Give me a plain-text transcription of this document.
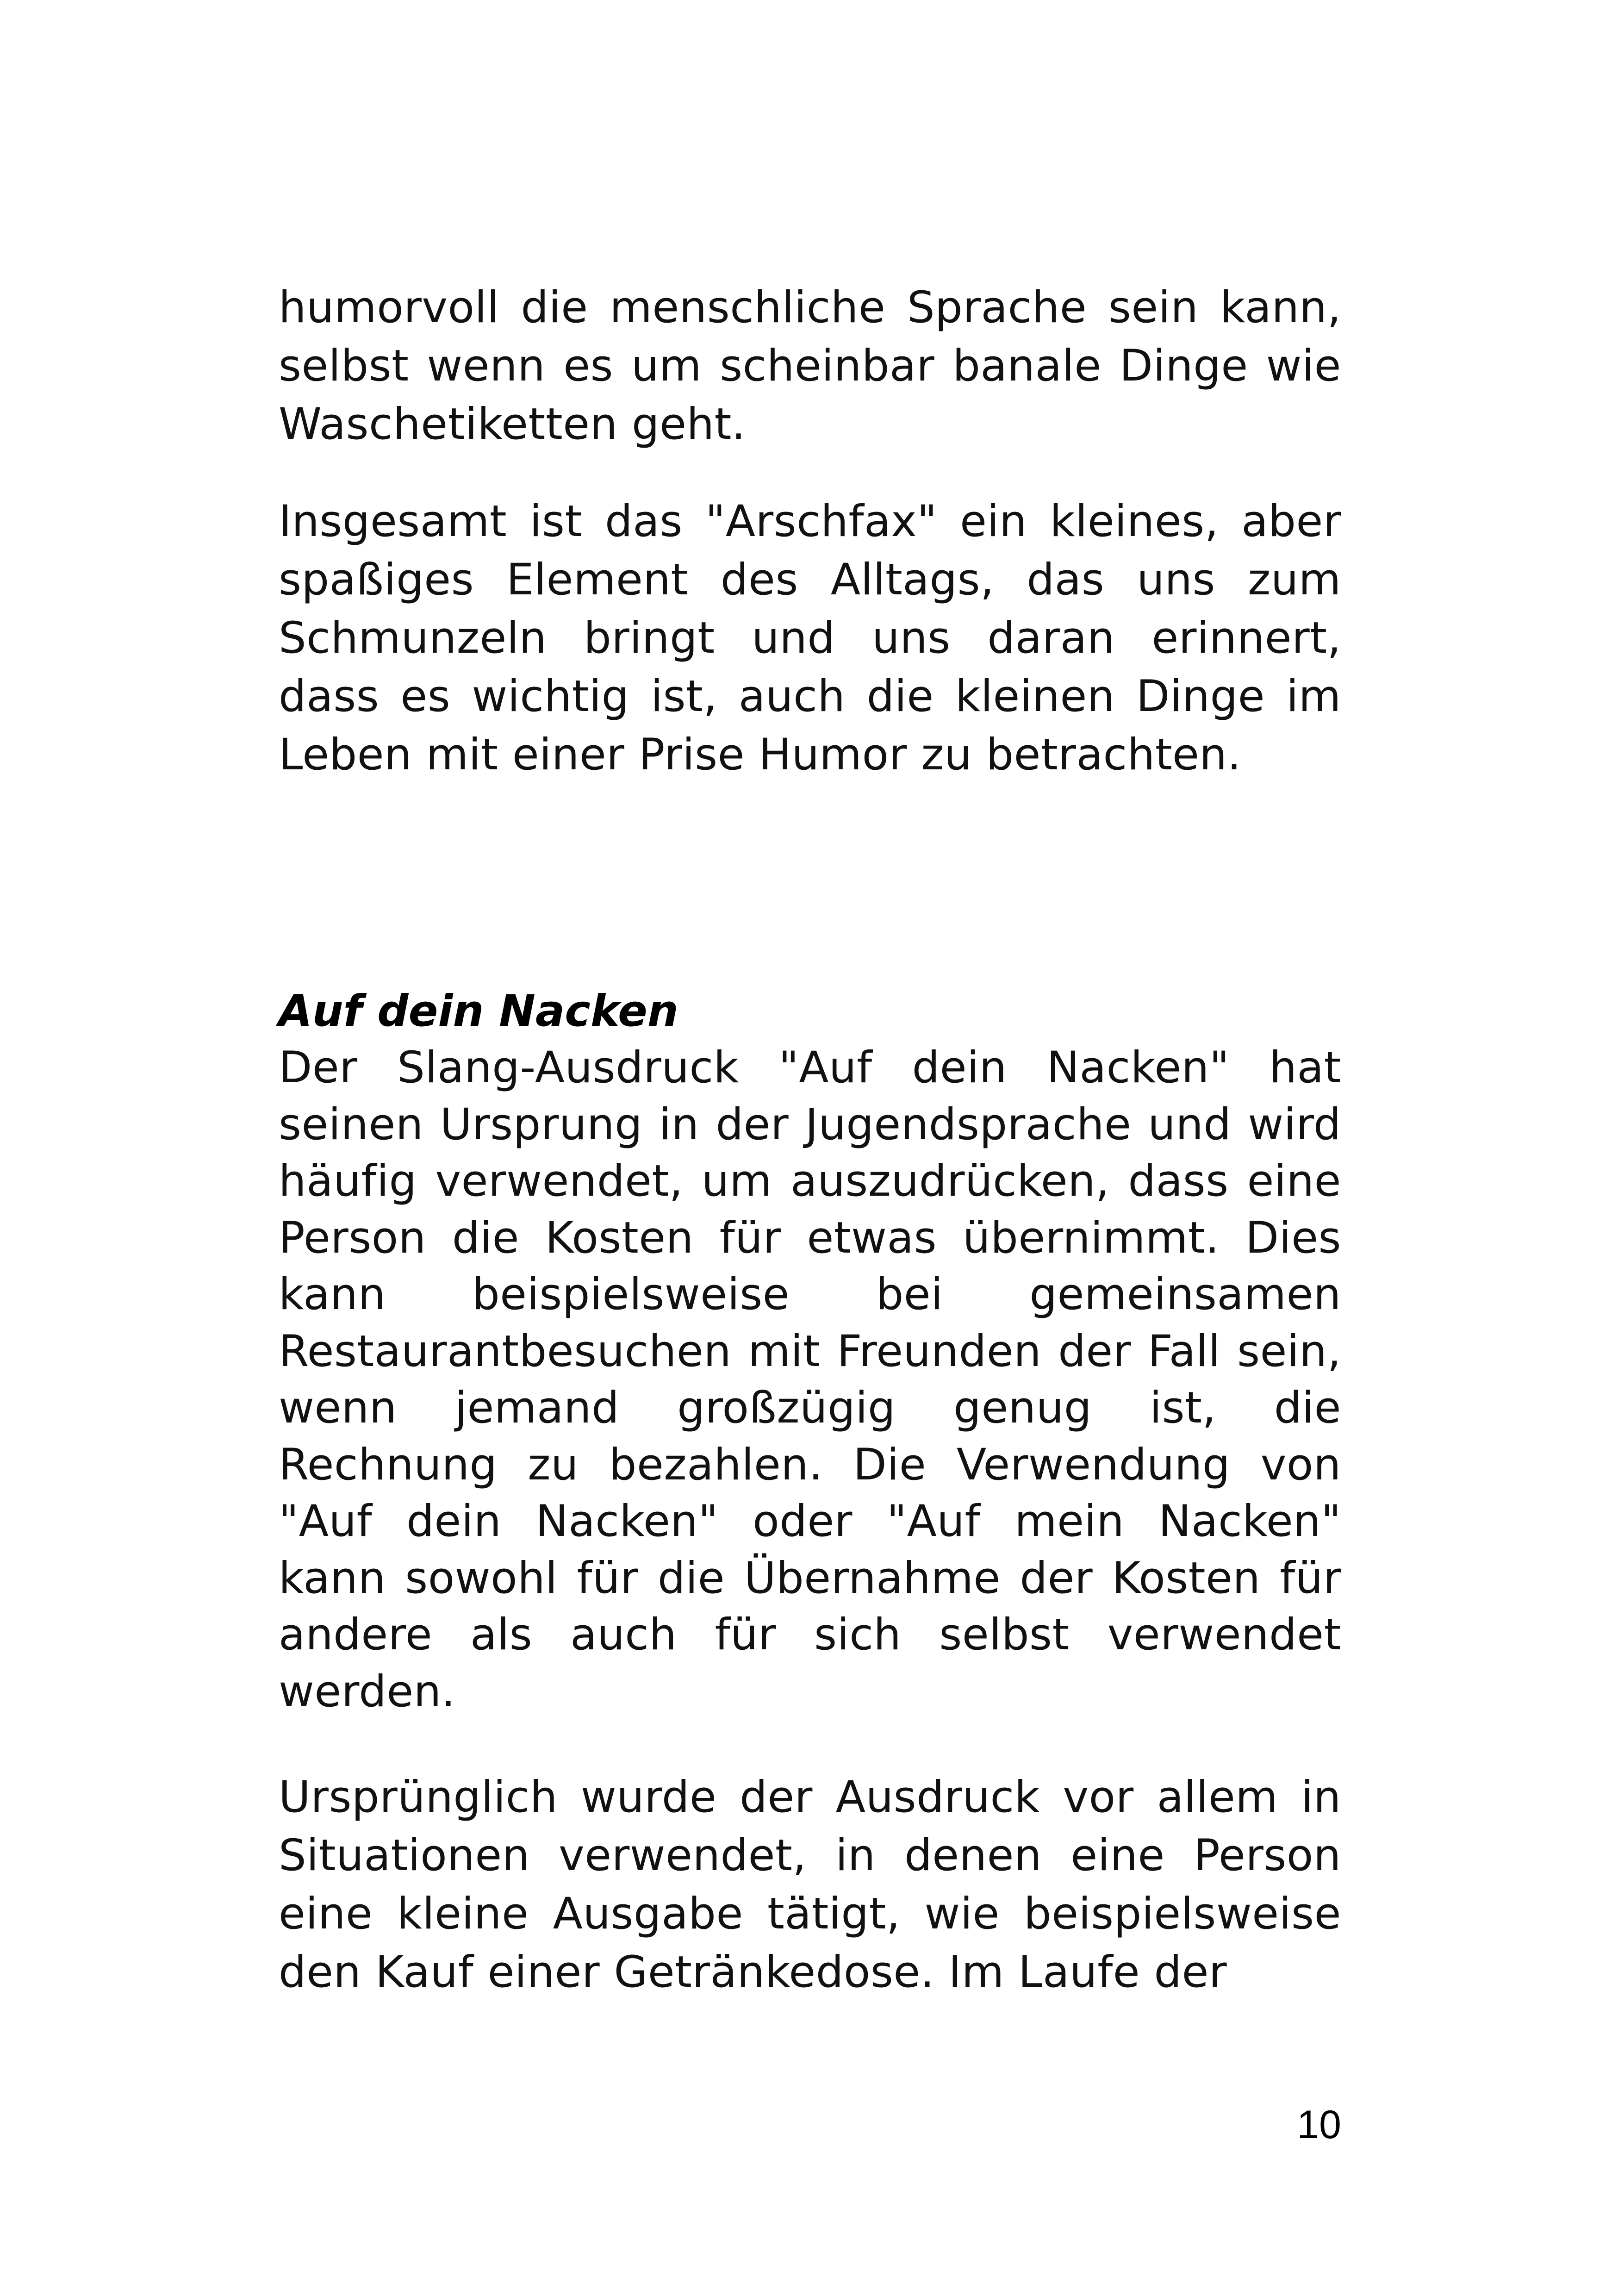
humorvoll die menschliche Sprache sein kann, selbst wenn es um scheinbar banale Dinge wie Waschetiketten geht.

Insgesamt ist das "Arschfax" ein kleines, aber spaßiges Element des Alltags, das uns zum Schmunzeln bringt und uns daran erinnert, dass es wichtig ist, auch die kleinen Dinge im Leben mit einer Prise Humor zu betrachten.

Auf dein Nacken

Der Slang-Ausdruck "Auf dein Nacken" hat seinen Ursprung in der Jugendsprache und wird häufig verwendet, um auszudrücken, dass eine Person die Kosten für etwas übernimmt. Dies kann beispielsweise bei gemeinsamen Restaurantbesuchen mit Freunden der Fall sein, wenn jemand großzügig genug ist, die Rechnung zu bezahlen. Die Verwendung von "Auf dein Nacken" oder "Auf mein Nacken" kann sowohl für die Übernahme der Kosten für andere als auch für sich selbst verwendet werden.

Ursprünglich wurde der Ausdruck vor allem in Situationen verwendet, in denen eine Person eine kleine Ausgabe tätigt, wie beispielsweise den Kauf einer Getränkedose. Im Laufe der

10
